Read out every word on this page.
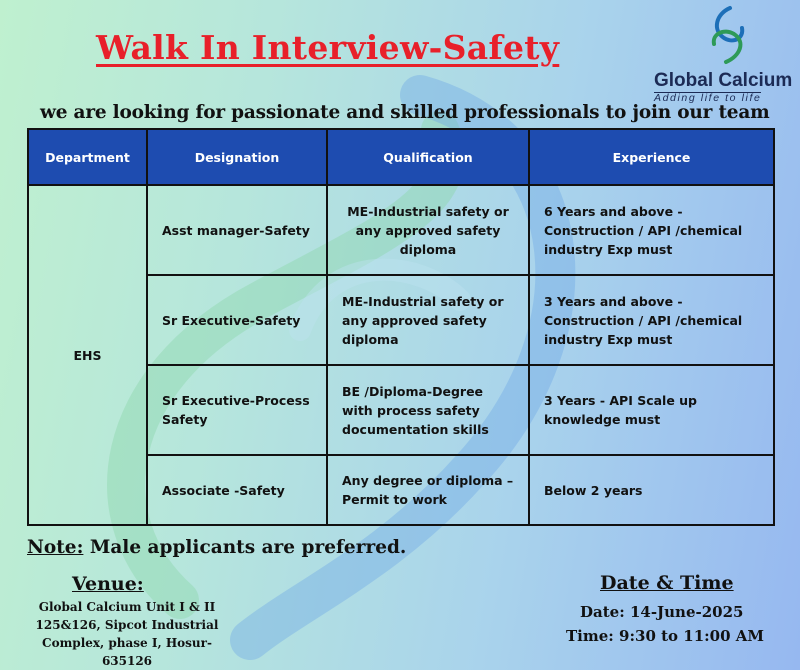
Walk In Interview-Safety
Global Calcium
Adding life to life

we are looking for passionate and skilled professionals to join our team

Department	Designation	Qualification	Experience
EHS	Asst manager-Safety	ME-Industrial safety or any approved safety diploma	6 Years and above - Construction / API /chemical industry Exp must
	Sr Executive-Safety	ME-Industrial safety or any approved safety diploma	3 Years and above - Construction / API /chemical industry Exp must
	Sr Executive-Process Safety	BE /Diploma-Degree with process safety documentation skills	3 Years - API Scale up knowledge must
	Associate -Safety	Any degree or diploma – Permit to work	Below 2 years

Note: Male applicants are preferred.

Venue:
Global Calcium Unit I & II 125&126, Sipcot Industrial Complex, phase I, Hosur-635126
Date & Time
Date: 14-June-2025
Time: 9:30 to 11:00 AM
